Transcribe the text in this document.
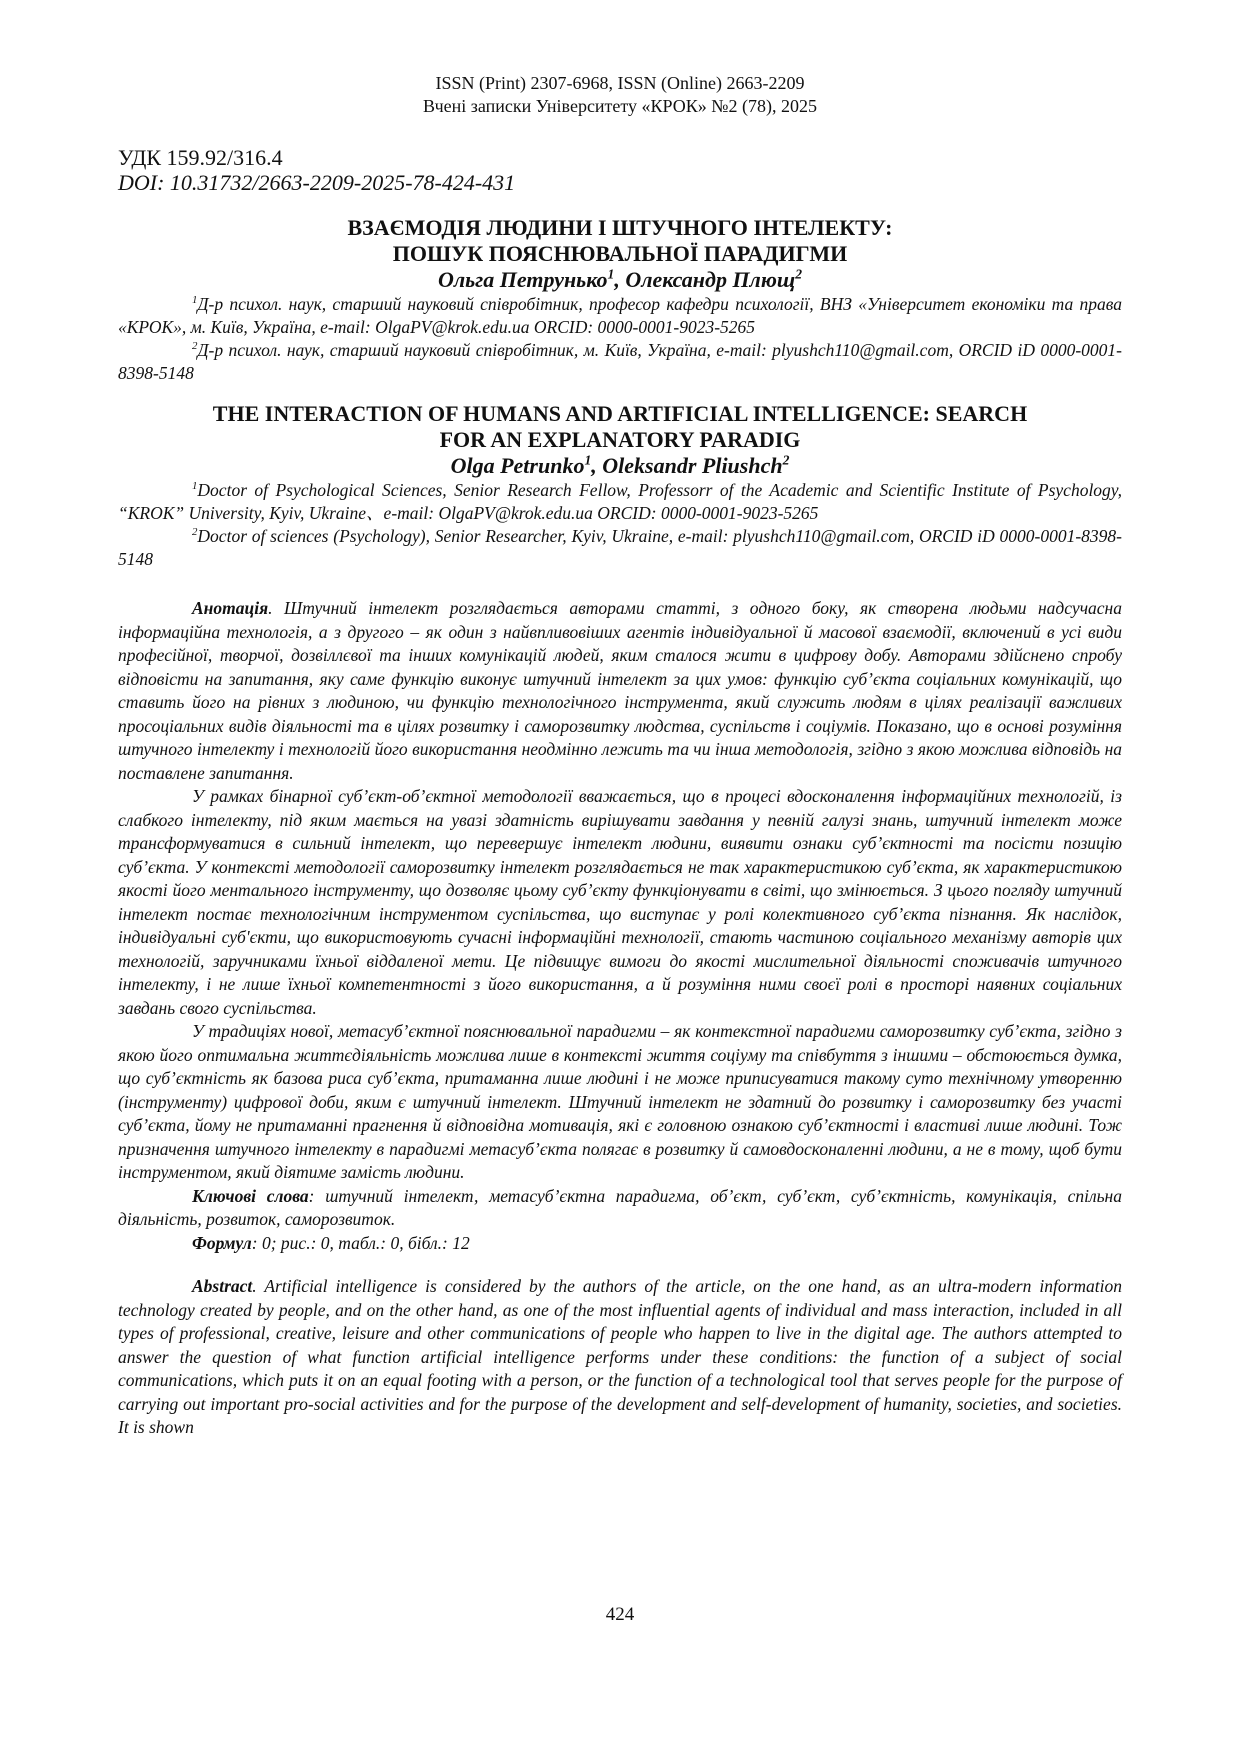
ISSN (Print) 2307-6968, ISSN (Online) 2663-2209
Вчені записки Університету «КРОК» №2 (78), 2025
УДК 159.92/316.4
DOI: 10.31732/2663-2209-2025-78-424-431
ВЗАЄМОДІЯ ЛЮДИНИ І ШТУЧНОГО ІНТЕЛЕКТУ:
ПОШУК ПОЯСНЮВАЛЬНОЇ ПАРАДИГМИ
Ольга Петрунько$^1$, Олександр Плющ$^2$
$^1$Д-р психол. наук, старший науковий співробітник, професор кафедри психології, ВНЗ «Університет економіки та права «КРОК», м. Київ, Україна, e-mail: OlgaPV@krok.edu.ua ORCID: 0000-0001-9023-5265
$^2$Д-р психол. наук, старший науковий співробітник, м. Київ, Україна, e-mail: plyushch110@gmail.com, ORCID iD 0000-0001-8398-5148
THE INTERACTION OF HUMANS AND ARTIFICIAL INTELLIGENCE: SEARCH
FOR AN EXPLANATORY PARADIG
Olga Petrunko$^1$, Oleksandr Pliushch$^2$
$^1$Doctor of Psychological Sciences, Senior Research Fellow, Professorr of the Academic and Scientific Institute of Psychology, “KROK” University, Kyiv, Ukraine、e-mail: OlgaPV@krok.edu.ua ORCID: 0000-0001-9023-5265
$^2$Doctor of sciences (Psychology), Senior Researcher, Kyiv, Ukraine, e-mail: plyushch110@gmail.com, ORCID iD 0000-0001-8398-5148

Анотація. Штучний інтелект розглядається авторами статті, з одного боку, як створена людьми надсучасна інформаційна технологія, а з другого – як один з найвпливовіших агентів індивідуальної й масової взаємодії, включений в усі види професійної, творчої, дозвіллєвої та інших комунікацій людей, яким сталося жити в цифрову добу. Авторами здійснено спробу відповісти на запитання, яку саме функцію виконує штучний інтелект за цих умов: функцію суб’єкта соціальних комунікацій, що ставить його на рівних з людиною, чи функцію технологічного інструмента, який служить людям в цілях реалізації важливих просоціальних видів діяльності та в цілях розвитку і саморозвитку людства, суспільств і соціумів. Показано, що в основі розуміння штучного інтелекту і технологій його використання неодмінно лежить та чи інша методологія, згідно з якою можлива відповідь на поставлене запитання.

У рамках бінарної суб’єкт-об’єктної методології вважається, що в процесі вдосконалення інформаційних технологій, із слабкого інтелекту, під яким мається на увазі здатність вирішувати завдання у певній галузі знань, штучний інтелект може трансформуватися в сильний інтелект, що перевершує інтелект людини, виявити ознаки суб’єктності та посісти позицію суб’єкта. У контексті методології саморозвитку інтелект розглядається не так характеристикою суб’єкта, як характеристикою якості його ментального інструменту, що дозволяє цьому суб’єкту функціонувати в світі, що змінюється. З цього погляду штучний інтелект постає технологічним інструментом суспільства, що виступає у ролі колективного суб’єкта пізнання. Як наслідок, індивідуальні суб'єкти, що використовують сучасні інформаційні технології, стають частиною соціального механізму авторів цих технологій, заручниками їхньої віддаленої мети. Це підвищує вимоги до якості мислительної діяльності споживачів штучного інтелекту, і не лише їхньої компетентності з його використання, а й розуміння ними своєї ролі в просторі наявних соціальних завдань свого суспільства.

У традиціях нової, метасуб’єктної пояснювальної парадигми – як контекстної парадигми саморозвитку суб’єкта, згідно з якою його оптимальна життєдіяльність можлива лише в контексті життя соціуму та співбуття з іншими – обстоюється думка, що суб’єктність як базова риса суб’єкта, притаманна лише людині і не може приписуватися такому суто технічному утворенню (інструменту) цифрової доби, яким є штучний інтелект. Штучний інтелект не здатний до розвитку і саморозвитку без участі суб’єкта, йому не притаманні прагнення й відповідна мотивація, які є головною ознакою суб’єктності і властиві лише людині. Тож призначення штучного інтелекту в парадигмі метасуб’єкта полягає в розвитку й самовдосконаленні людини, а не в тому, щоб бути інструментом, який діятиме замість людини.

Ключові слова: штучний інтелект, метасуб’єктна парадигма, об’єкт, суб’єкт, суб’єктність, комунікація, спільна діяльність, розвиток, саморозвиток.

Формул: 0; рис.: 0, табл.: 0, бібл.: 12

Abstract. Artificial intelligence is considered by the authors of the article, on the one hand, as an ultra-modern information technology created by people, and on the other hand, as one of the most influential agents of individual and mass interaction, included in all types of professional, creative, leisure and other communications of people who happen to live in the digital age. The authors attempted to answer the question of what function artificial intelligence performs under these conditions: the function of a subject of social communications, which puts it on an equal footing with a person, or the function of a technological tool that serves people for the purpose of carrying out important pro-social activities and for the purpose of the development and self-development of humanity, societies, and societies. It is shown

424
